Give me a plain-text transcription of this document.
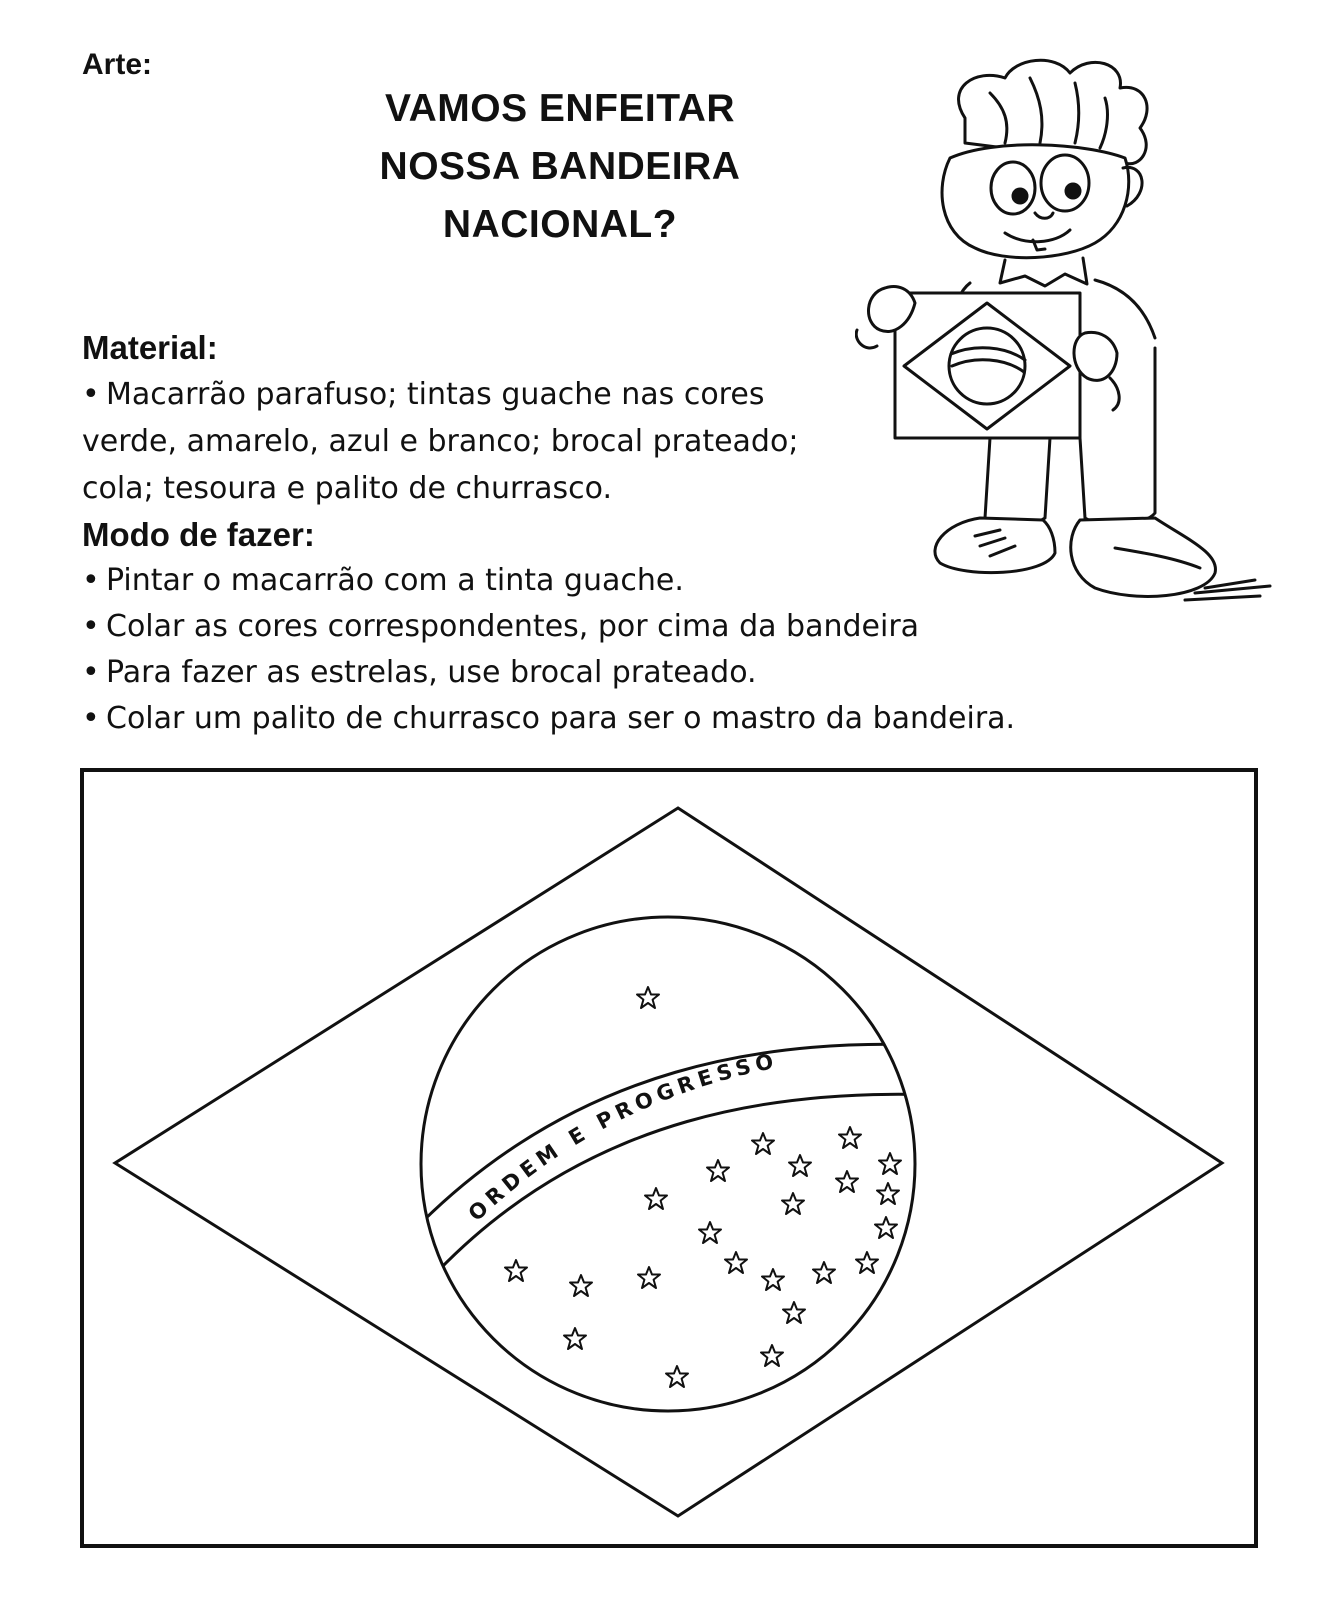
Arte:
VAMOS ENFEITAR
NOSSA BANDEIRA
NACIONAL?

Material:

• Macarrão parafuso; tintas guache nas cores verde, amarelo, azul e branco; brocal prateado; cola; tesoura e palito de churrasco.

Modo de fazer:

• Pintar o macarrão com a tinta guache.
• Colar as cores correspondentes, por cima da bandeira
• Para fazer as estrelas, use brocal prateado.
• Colar um palito de churrasco para ser o mastro da bandeira.
ORDEM E PROGRESSO
